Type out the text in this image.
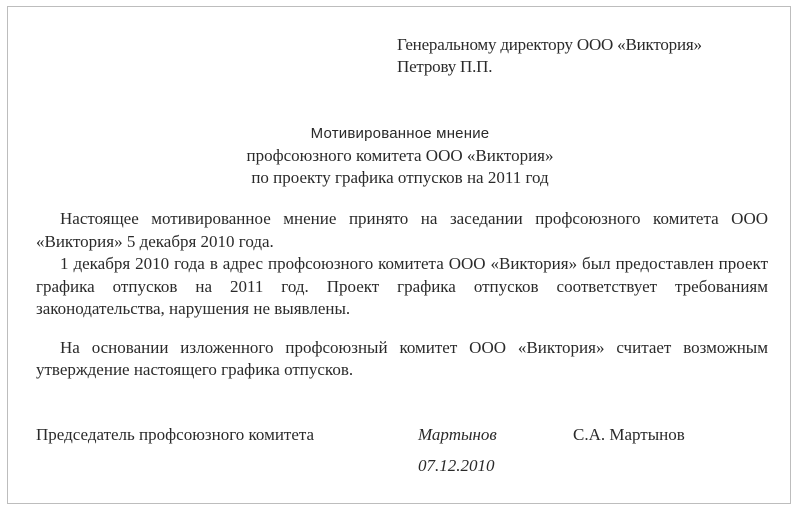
Генеральному директору ООО «Виктория»
Петрову П.П.
Мотивированное мнение
профсоюзного комитета ООО «Виктория»
по проекту графика отпусков на 2011 год

Настоящее мотивированное мнение принято на заседании профсоюзного комитета ООО «Виктория» 5 декабря 2010 года.

1 декабря 2010 года в адрес профсоюзного комитета ООО «Виктория» был предоставлен проект графика отпусков на 2011 год. Проект графика отпусков соответствует требованиям законодательства, нарушения не выявлены.

На основании изложенного профсоюзный комитет ООО «Виктория» считает возможным утверждение настоящего графика отпусков.

Председатель профсоюзного комитета	Мартынов	С.А. Мартынов
07.12.2010
